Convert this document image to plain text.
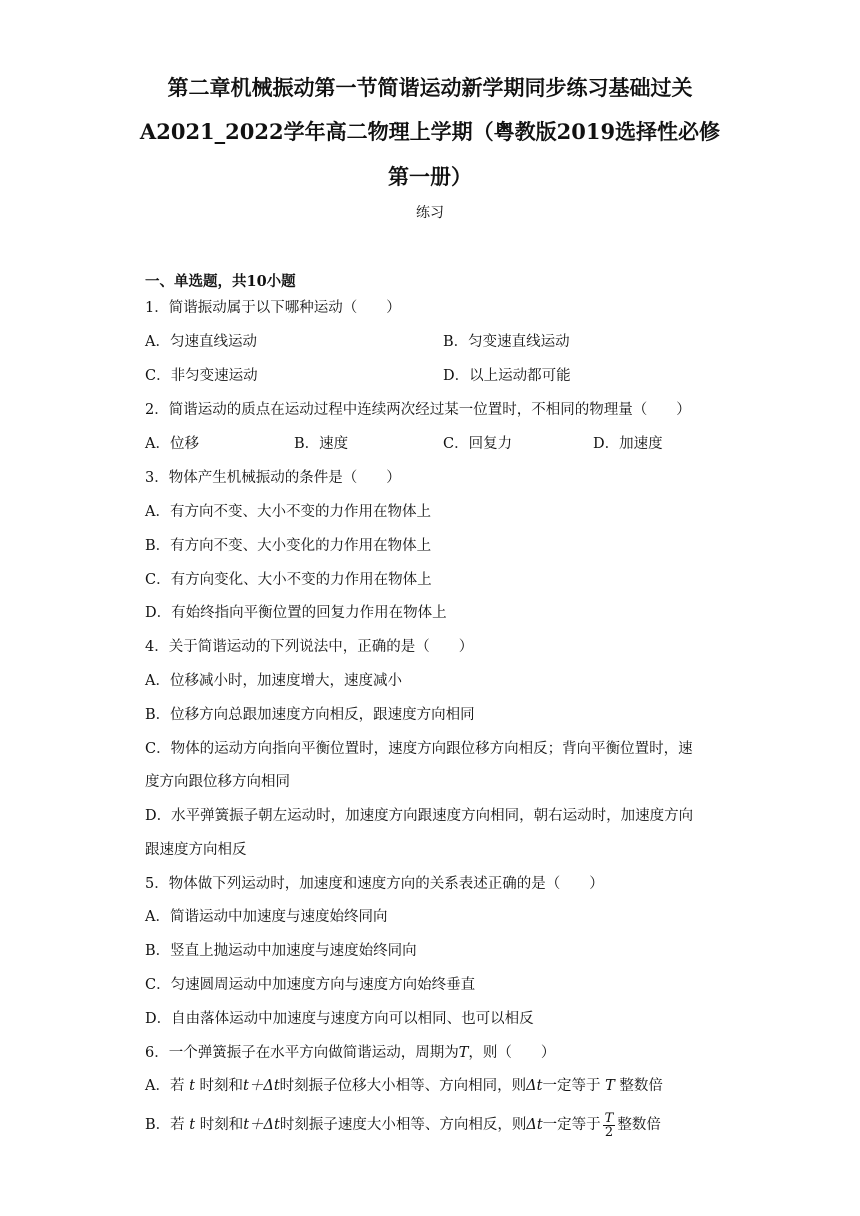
第二章机械振动第一节简谐运动新学期同步练习基础过关
A2021_2022学年高二物理上学期（粤教版2019选择性必修
第一册）
练习
一、单选题，共10小题
1．简谐振动属于以下哪种运动（　　）
A．匀速直线运动	B．匀变速直线运动
C．非匀变速运动	D．以上运动都可能
2．简谐运动的质点在运动过程中连续两次经过某一位置时，不相同的物理量（　　）
A．位移	B．速度	C．回复力	D．加速度
3．物体产生机械振动的条件是（　　）
A．有方向不变、大小不变的力作用在物体上
B．有方向不变、大小变化的力作用在物体上
C．有方向变化、大小不变的力作用在物体上
D．有始终指向平衡位置的回复力作用在物体上
4．关于简谐运动的下列说法中，正确的是（　　）
A．位移减小时，加速度增大，速度减小
B．位移方向总跟加速度方向相反，跟速度方向相同
C．物体的运动方向指向平衡位置时，速度方向跟位移方向相反；背向平衡位置时，速
度方向跟位移方向相同
D．水平弹簧振子朝左运动时，加速度方向跟速度方向相同，朝右运动时，加速度方向
跟速度方向相反
5．物体做下列运动时，加速度和速度方向的关系表述正确的是（　　）
A．简谐运动中加速度与速度始终同向
B．竖直上抛运动中加速度与速度始终同向
C．匀速圆周运动中加速度方向与速度方向始终垂直
D．自由落体运动中加速度与速度方向可以相同、也可以相反
6．一个弹簧振子在水平方向做简谐运动，周期为T，则（　　）
A．若 t 时刻和t＋Δt时刻振子位移大小相等、方向相同，则Δt一定等于 T 整数倍
B．若 t 时刻和t＋Δt时刻振子速度大小相等、方向相反，则Δt一定等于 $\frac{T}{2}$ 整数倍
